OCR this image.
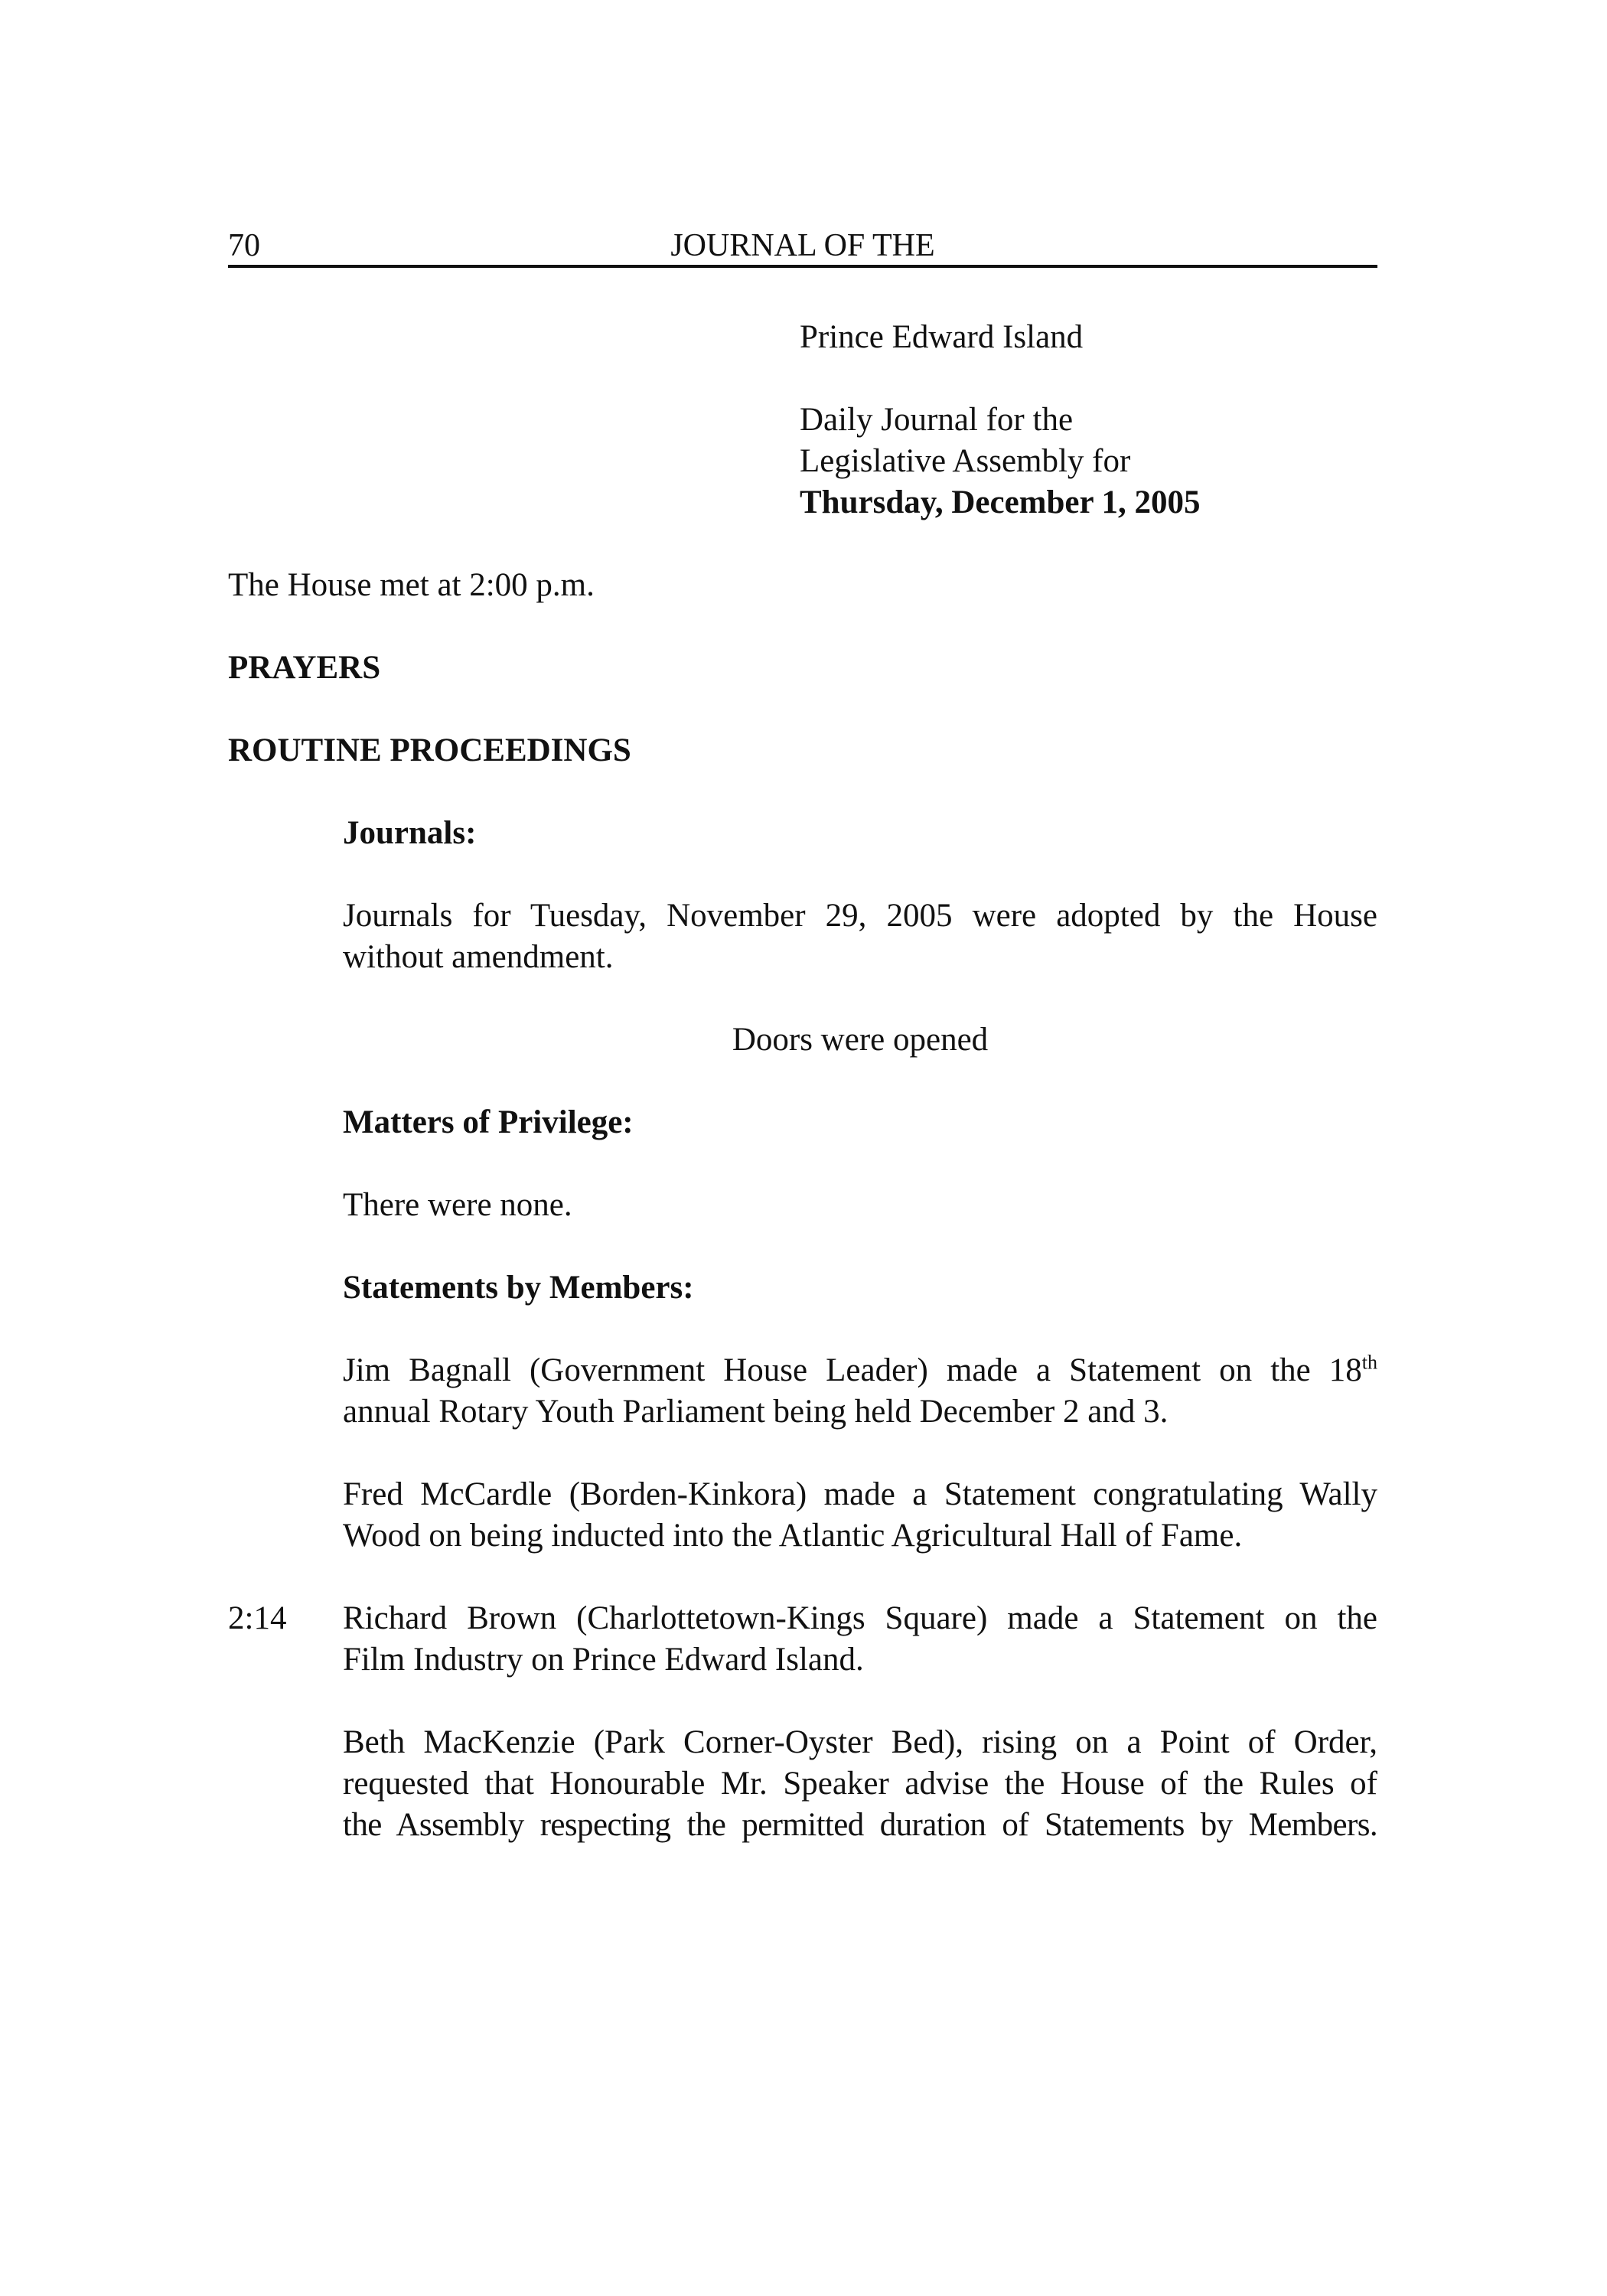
70	JOURNAL OF THE

Prince Edward Island

Daily Journal for the

Legislative Assembly for

Thursday, December 1, 2005

The House met at 2:00 p.m.

PRAYERS

ROUTINE PROCEEDINGS

Journals:

Journals for Tuesday, November 29, 2005 were adopted by the House

without amendment.

Doors were opened

Matters of Privilege:

There were none.

Statements by Members:

Jim Bagnall (Government House Leader) made a Statement on the 18th

annual Rotary Youth Parliament being held December 2 and 3.

Fred McCardle (Borden-Kinkora) made a Statement congratulating Wally

Wood on being inducted into the Atlantic Agricultural Hall of Fame.

2:14 Richard Brown (Charlottetown-Kings Square) made a Statement on the

Film Industry on Prince Edward Island.

Beth MacKenzie (Park Corner-Oyster Bed), rising on a Point of Order,

requested that Honourable Mr. Speaker advise the House of the Rules of

the Assembly respecting the permitted duration of Statements by Members.
